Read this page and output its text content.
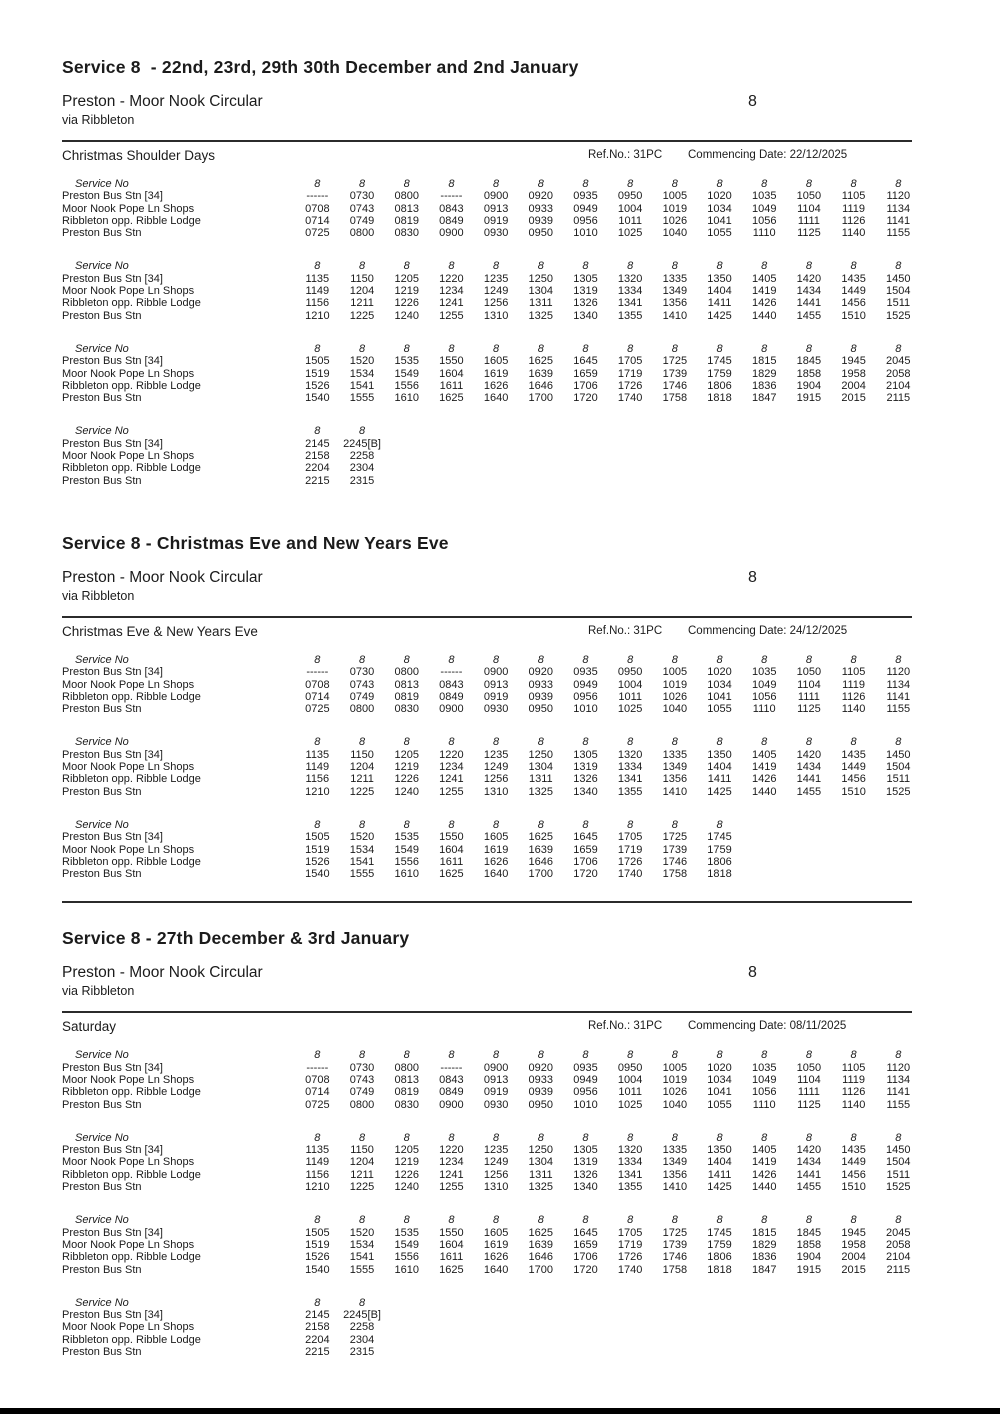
Service 8  - 22nd, 23rd, 29th 30th December and 2nd January
Preston - Moor Nook Circular	8
via Ribbleton
Christmas Shoulder Days	Ref.No.: 31PC Commencing Date: 22/12/2025
Service No	8	8	8	8	8	8	8	8	8	8	8	8	8	8
Preston Bus Stn [34]	------	0730	0800	------	0900	0920	0935	0950	1005	1020	1035	1050	1105	1120
Moor Nook Pope Ln Shops	0708	0743	0813	0843	0913	0933	0949	1004	1019	1034	1049	1104	1119	1134
Ribbleton opp. Ribble Lodge	0714	0749	0819	0849	0919	0939	0956	1011	1026	1041	1056	1111	1126	1141
Preston Bus Stn	0725	0800	0830	0900	0930	0950	1010	1025	1040	1055	1110	1125	1140	1155
Service No	8	8	8	8	8	8	8	8	8	8	8	8	8	8
Preston Bus Stn [34]	1135	1150	1205	1220	1235	1250	1305	1320	1335	1350	1405	1420	1435	1450
Moor Nook Pope Ln Shops	1149	1204	1219	1234	1249	1304	1319	1334	1349	1404	1419	1434	1449	1504
Ribbleton opp. Ribble Lodge	1156	1211	1226	1241	1256	1311	1326	1341	1356	1411	1426	1441	1456	1511
Preston Bus Stn	1210	1225	1240	1255	1310	1325	1340	1355	1410	1425	1440	1455	1510	1525
Service No	8	8	8	8	8	8	8	8	8	8	8	8	8	8
Preston Bus Stn [34]	1505	1520	1535	1550	1605	1625	1645	1705	1725	1745	1815	1845	1945	2045
Moor Nook Pope Ln Shops	1519	1534	1549	1604	1619	1639	1659	1719	1739	1759	1829	1858	1958	2058
Ribbleton opp. Ribble Lodge	1526	1541	1556	1611	1626	1646	1706	1726	1746	1806	1836	1904	2004	2104
Preston Bus Stn	1540	1555	1610	1625	1640	1700	1720	1740	1758	1818	1847	1915	2015	2115
Service No	8	8
Preston Bus Stn [34]	2145	2245[B]
Moor Nook Pope Ln Shops	2158	2258
Ribbleton opp. Ribble Lodge	2204	2304
Preston Bus Stn	2215	2315
Service 8 - Christmas Eve and New Years Eve
Preston - Moor Nook Circular	8
via Ribbleton
Christmas Eve & New Years Eve	Ref.No.: 31PC Commencing Date: 24/12/2025
Service No	8	8	8	8	8	8	8	8	8	8	8	8	8	8
Preston Bus Stn [34]	------	0730	0800	------	0900	0920	0935	0950	1005	1020	1035	1050	1105	1120
Moor Nook Pope Ln Shops	0708	0743	0813	0843	0913	0933	0949	1004	1019	1034	1049	1104	1119	1134
Ribbleton opp. Ribble Lodge	0714	0749	0819	0849	0919	0939	0956	1011	1026	1041	1056	1111	1126	1141
Preston Bus Stn	0725	0800	0830	0900	0930	0950	1010	1025	1040	1055	1110	1125	1140	1155
Service No	8	8	8	8	8	8	8	8	8	8	8	8	8	8
Preston Bus Stn [34]	1135	1150	1205	1220	1235	1250	1305	1320	1335	1350	1405	1420	1435	1450
Moor Nook Pope Ln Shops	1149	1204	1219	1234	1249	1304	1319	1334	1349	1404	1419	1434	1449	1504
Ribbleton opp. Ribble Lodge	1156	1211	1226	1241	1256	1311	1326	1341	1356	1411	1426	1441	1456	1511
Preston Bus Stn	1210	1225	1240	1255	1310	1325	1340	1355	1410	1425	1440	1455	1510	1525
Service No	8	8	8	8	8	8	8	8	8	8
Preston Bus Stn [34]	1505	1520	1535	1550	1605	1625	1645	1705	1725	1745
Moor Nook Pope Ln Shops	1519	1534	1549	1604	1619	1639	1659	1719	1739	1759
Ribbleton opp. Ribble Lodge	1526	1541	1556	1611	1626	1646	1706	1726	1746	1806
Preston Bus Stn	1540	1555	1610	1625	1640	1700	1720	1740	1758	1818
Service 8 - 27th December & 3rd January
Preston - Moor Nook Circular	8
via Ribbleton
Saturday	Ref.No.: 31PC Commencing Date: 08/11/2025
Service No	8	8	8	8	8	8	8	8	8	8	8	8	8	8
Preston Bus Stn [34]	------	0730	0800	------	0900	0920	0935	0950	1005	1020	1035	1050	1105	1120
Moor Nook Pope Ln Shops	0708	0743	0813	0843	0913	0933	0949	1004	1019	1034	1049	1104	1119	1134
Ribbleton opp. Ribble Lodge	0714	0749	0819	0849	0919	0939	0956	1011	1026	1041	1056	1111	1126	1141
Preston Bus Stn	0725	0800	0830	0900	0930	0950	1010	1025	1040	1055	1110	1125	1140	1155
Service No	8	8	8	8	8	8	8	8	8	8	8	8	8	8
Preston Bus Stn [34]	1135	1150	1205	1220	1235	1250	1305	1320	1335	1350	1405	1420	1435	1450
Moor Nook Pope Ln Shops	1149	1204	1219	1234	1249	1304	1319	1334	1349	1404	1419	1434	1449	1504
Ribbleton opp. Ribble Lodge	1156	1211	1226	1241	1256	1311	1326	1341	1356	1411	1426	1441	1456	1511
Preston Bus Stn	1210	1225	1240	1255	1310	1325	1340	1355	1410	1425	1440	1455	1510	1525
Service No	8	8	8	8	8	8	8	8	8	8	8	8	8	8
Preston Bus Stn [34]	1505	1520	1535	1550	1605	1625	1645	1705	1725	1745	1815	1845	1945	2045
Moor Nook Pope Ln Shops	1519	1534	1549	1604	1619	1639	1659	1719	1739	1759	1829	1858	1958	2058
Ribbleton opp. Ribble Lodge	1526	1541	1556	1611	1626	1646	1706	1726	1746	1806	1836	1904	2004	2104
Preston Bus Stn	1540	1555	1610	1625	1640	1700	1720	1740	1758	1818	1847	1915	2015	2115
Service No	8	8
Preston Bus Stn [34]	2145	2245[B]
Moor Nook Pope Ln Shops	2158	2258
Ribbleton opp. Ribble Lodge	2204	2304
Preston Bus Stn	2215	2315
